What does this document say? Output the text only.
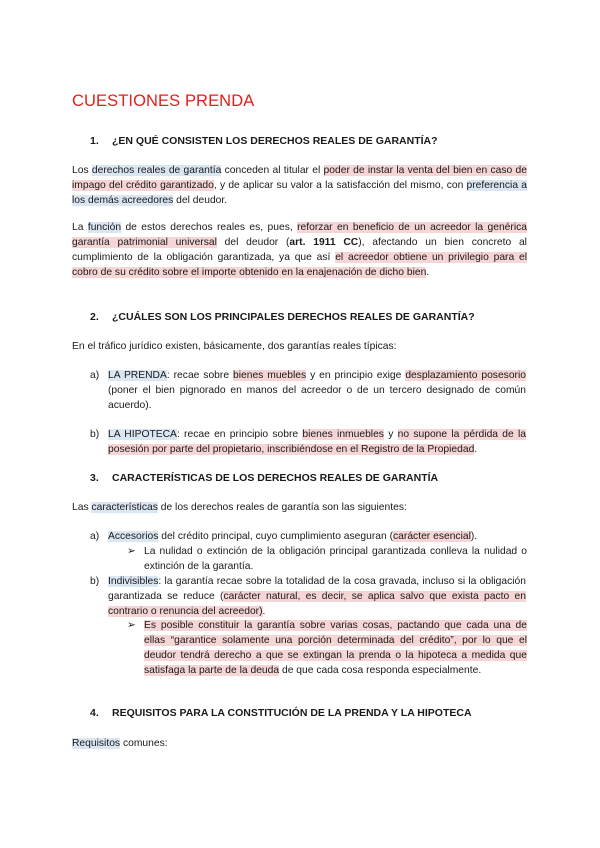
CUESTIONES PRENDA
1. ¿EN QUÉ CONSISTEN LOS DERECHOS REALES DE GARANTÍA?
Los derechos reales de garantía conceden al titular el poder de instar la venta del bien en caso de impago del crédito garantizado, y de aplicar su valor a la satisfacción del mismo, con preferencia a los demás acreedores del deudor.
La función de estos derechos reales es, pues, reforzar en beneficio de un acreedor la genérica garantía patrimonial universal del deudor (art. 1911 CC), afectando un bien concreto al cumplimiento de la obligación garantizada, ya que así el acreedor obtiene un privilegio para el cobro de su crédito sobre el importe obtenido en la enajenación de dicho bien.
2. ¿CUÁLES SON LOS PRINCIPALES DERECHOS REALES DE GARANTÍA?
En el tráfico jurídico existen, básicamente, dos garantías reales típicas:
a) LA PRENDA: recae sobre bienes muebles y en principio exige desplazamiento posesorio (poner el bien pignorado en manos del acreedor o de un tercero designado de común acuerdo).
b) LA HIPOTECA: recae en principio sobre bienes inmuebles y no supone la pérdida de la posesión por parte del propietario, inscribiéndose en el Registro de la Propiedad.
3. CARACTERÍSTICAS DE LOS DERECHOS REALES DE GARANTÍA
Las características de los derechos reales de garantía son las siguientes:
a) Accesorios del crédito principal, cuyo cumplimiento aseguran (carácter esencial).
➢ La nulidad o extinción de la obligación principal garantizada conlleva la nulidad o extinción de la garantía.
b) Indivisibles: la garantía recae sobre la totalidad de la cosa gravada, incluso si la obligación garantizada se reduce (carácter natural, es decir, se aplica salvo que exista pacto en contrario o renuncia del acreedor).
➢ Es posible constituir la garantía sobre varias cosas, pactando que cada una de ellas “garantice solamente una porción determinada del crédito”, por lo que el deudor tendrá derecho a que se extingan la prenda o la hipoteca a medida que satisfaga la parte de la deuda de que cada cosa responda especialmente.
4. REQUISITOS PARA LA CONSTITUCIÓN DE LA PRENDA Y LA HIPOTECA
Requisitos comunes:
